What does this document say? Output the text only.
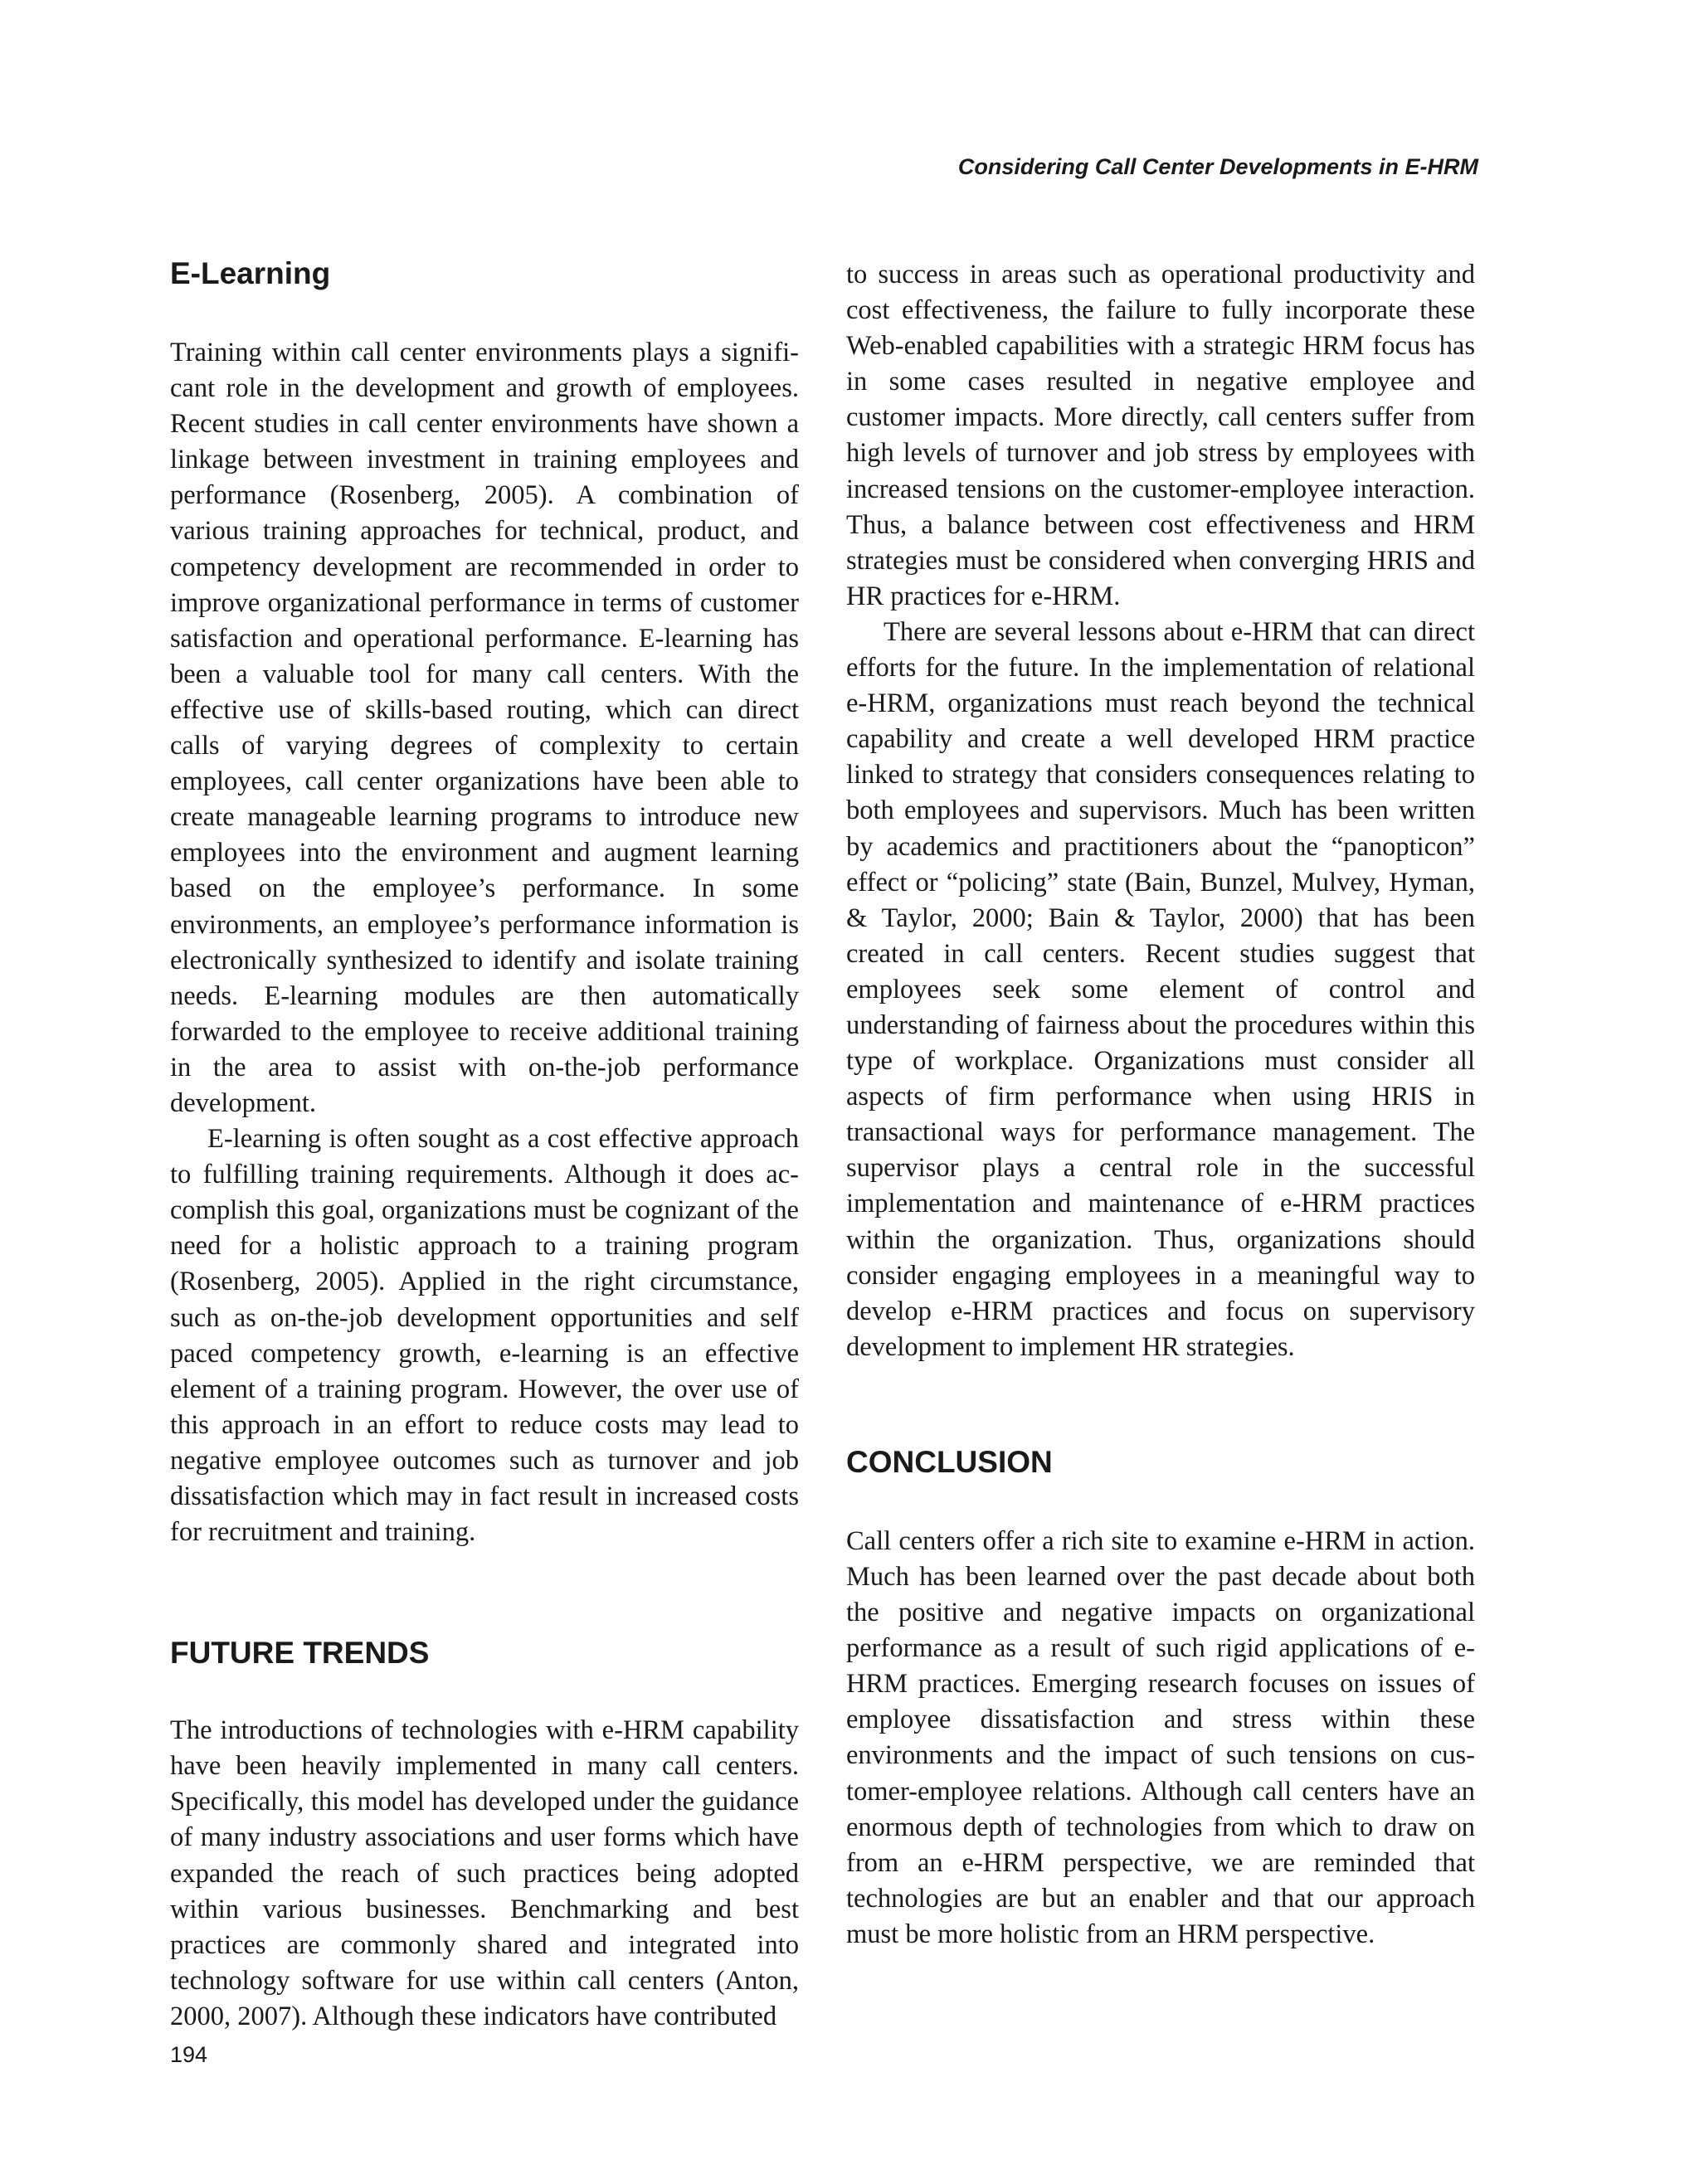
Considering Call Center Developments in E-HRM
E-Learning

Training within call center environments plays a significant role in the development and growth of employees. Recent studies in call center environments have shown a linkage between investment in training employees and performance (Rosenberg, 2005). A combination of various training approaches for technical, product, and competency development are recommended in order to improve organizational performance in terms of customer satisfaction and operational performance. E-learning has been a valuable tool for many call centers. With the effective use of skills-based routing, which can direct calls of varying degrees of complexity to certain employees, call center organizations have been able to create manageable learning programs to introduce new employees into the environment and augment learning based on the employee’s performance. In some environments, an employee’s performance information is electronically synthesized to identify and isolate training needs. E-learning modules are then automatically forwarded to the employee to receive additional training in the area to assist with on-the-job performance development.

E-learning is often sought as a cost effective approach to fulfilling training requirements. Although it does accomplish this goal, organizations must be cognizant of the need for a holistic approach to a training program (Rosenberg, 2005). Applied in the right circumstance, such as on-the-job development opportunities and self paced competency growth, e-learning is an effective element of a training program. However, the over use of this approach in an effort to reduce costs may lead to negative employee outcomes such as turnover and job dissatisfaction which may in fact result in increased costs for recruitment and training.

FUTURE TRENDS

The introductions of technologies with e-HRM capability have been heavily implemented in many call centers. Specifically, this model has developed under the guidance of many industry associations and user forms which have expanded the reach of such practices being adopted within various businesses. Benchmarking and best practices are commonly shared and integrated into technology software for use within call centers (Anton, 2000, 2007). Although these indicators have contributed

to success in areas such as operational productivity and cost effectiveness, the failure to fully incorporate these Web-enabled capabilities with a strategic HRM focus has in some cases resulted in negative employee and customer impacts. More directly, call centers suffer from high levels of turnover and job stress by employees with increased tensions on the customer-employee interaction. Thus, a balance between cost effectiveness and HRM strategies must be considered when converging HRIS and HR practices for e-HRM.

There are several lessons about e-HRM that can direct efforts for the future. In the implementation of relational e-HRM, organizations must reach beyond the technical capability and create a well developed HRM practice linked to strategy that considers consequences relating to both employees and supervisors. Much has been written by academics and practitioners about the “panopticon” effect or “policing” state (Bain, Bunzel, Mulvey, Hyman, & Taylor, 2000; Bain & Taylor, 2000) that has been created in call centers. Recent studies suggest that employees seek some element of control and understanding of fairness about the procedures within this type of workplace. Organizations must consider all aspects of firm performance when using HRIS in transactional ways for performance management. The supervisor plays a central role in the successful implementation and maintenance of e-HRM practices within the organization. Thus, organizations should consider engaging employees in a meaningful way to develop e-HRM practices and focus on supervisory development to implement HR strategies.

CONCLUSION

Call centers offer a rich site to examine e-HRM in action. Much has been learned over the past decade about both the positive and negative impacts on organizational performance as a result of such rigid applications of e-HRM practices. Emerging research focuses on issues of employee dissatisfaction and stress within these environments and the impact of such tensions on customer-employee relations. Although call centers have an enormous depth of technologies from which to draw on from an e-HRM perspective, we are reminded that technologies are but an enabler and that our approach must be more holistic from an HRM perspective.

194
